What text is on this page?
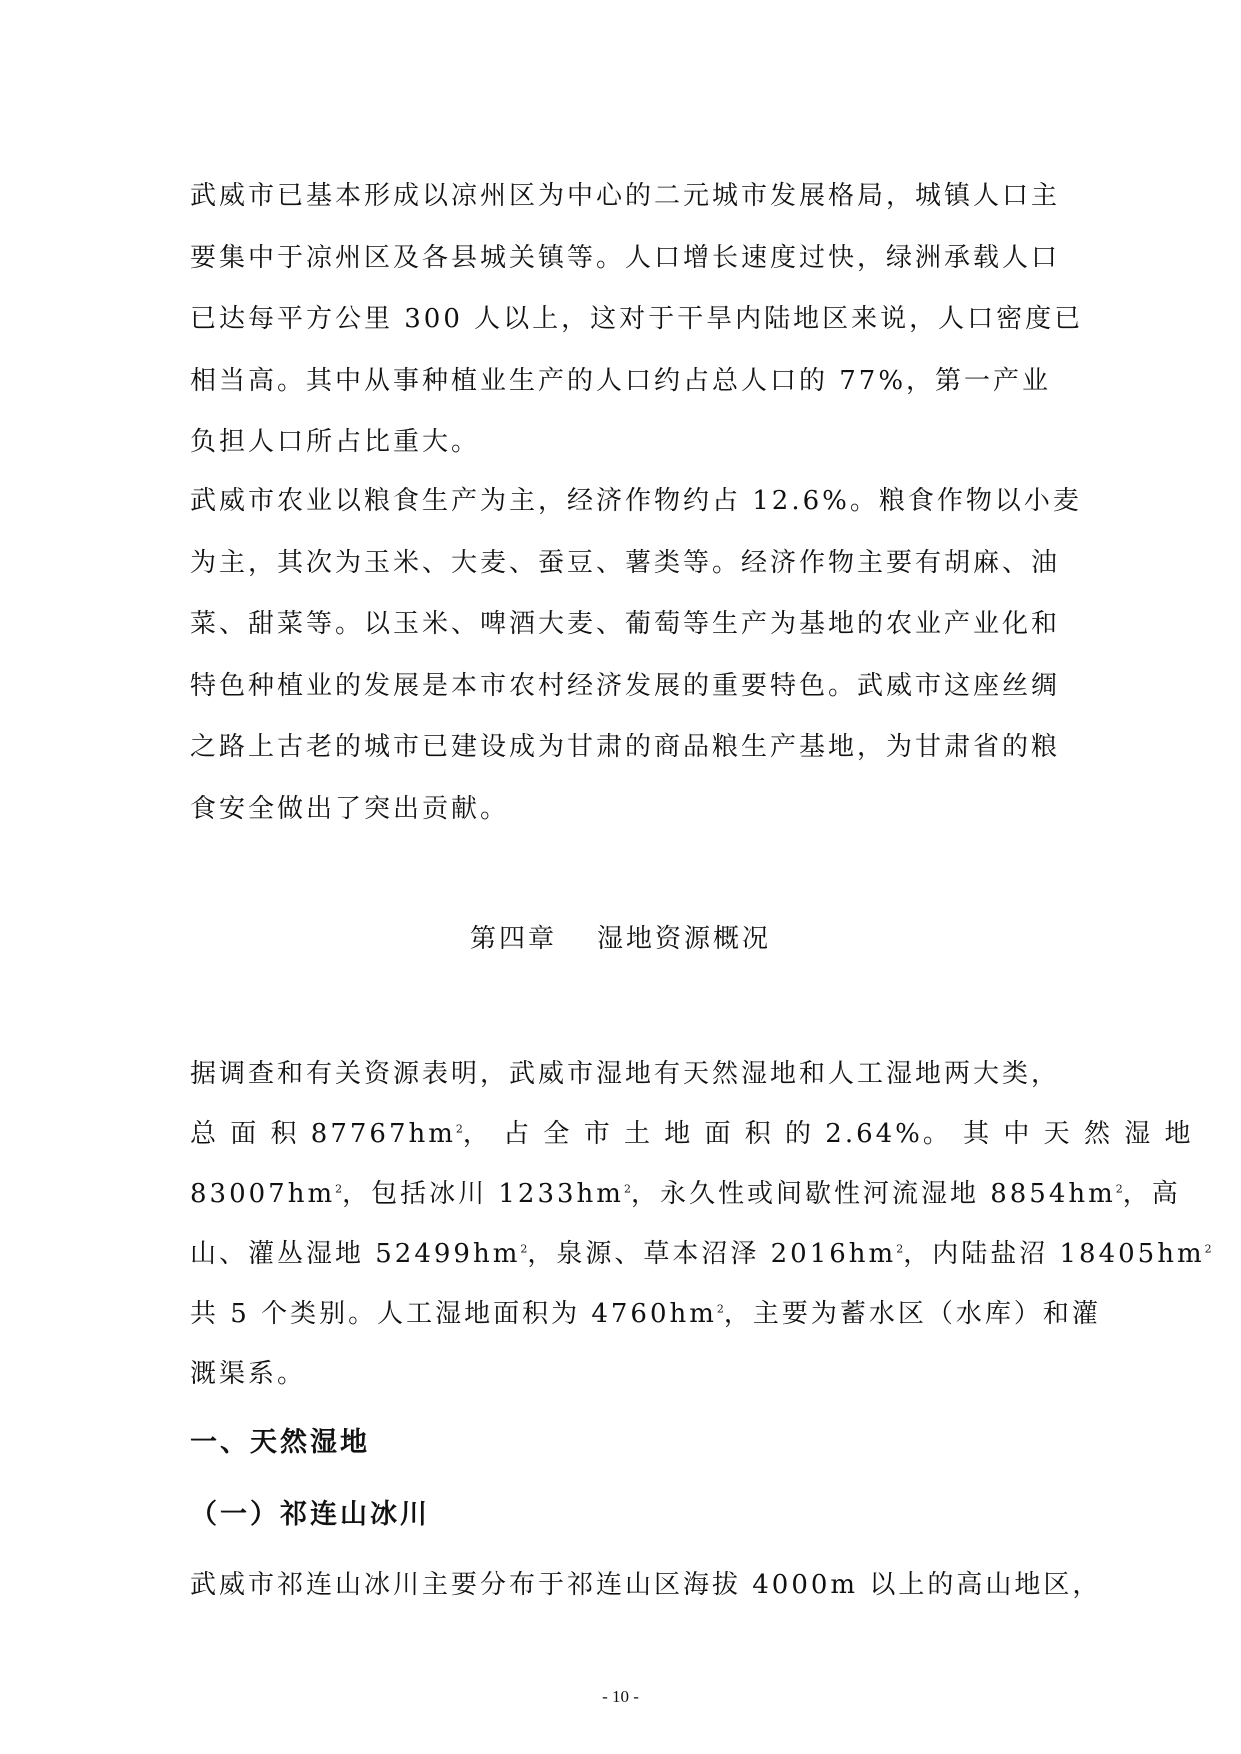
武威市已基本形成以凉州区为中心的二元城市发展格局，城镇人口主
要集中于凉州区及各县城关镇等。人口增长速度过快，绿洲承载人口
已达每平方公里 300 人以上，这对于干旱内陆地区来说，人口密度已
相当高。其中从事种植业生产的人口约占总人口的 77%，第一产业
负担人口所占比重大。
武威市农业以粮食生产为主，经济作物约占 12.6%。粮食作物以小麦
为主，其次为玉米、大麦、蚕豆、薯类等。经济作物主要有胡麻、油
菜、甜菜等。以玉米、啤酒大麦、葡萄等生产为基地的农业产业化和
特色种植业的发展是本市农村经济发展的重要特色。武威市这座丝绸
之路上古老的城市已建设成为甘肃的商品粮生产基地，为甘肃省的粮
食安全做出了突出贡献。
第四章 湿地资源概况
据调查和有关资源表明，武威市湿地有天然湿地和人工湿地两大类，
总 面 积 $87767hm^2$， 占 全 市 土 地 面 积 的 2.64%。 其 中 天 然 湿 地
$83007hm^2$，包括冰川 $1233hm^2$，永久性或间歇性河流湿地 $8854hm^2$，高
山、灌丛湿地 $52499hm^2$，泉源、草本沼泽 $2016hm^2$，内陆盐沼 $18405hm^2$
共 5 个类别。人工湿地面积为 $4760hm^2$，主要为蓄水区（水库）和灌
溉渠系。
一、天然湿地
（一）祁连山冰川
武威市祁连山冰川主要分布于祁连山区海拔 4000m 以上的高山地区，
- 10 -
